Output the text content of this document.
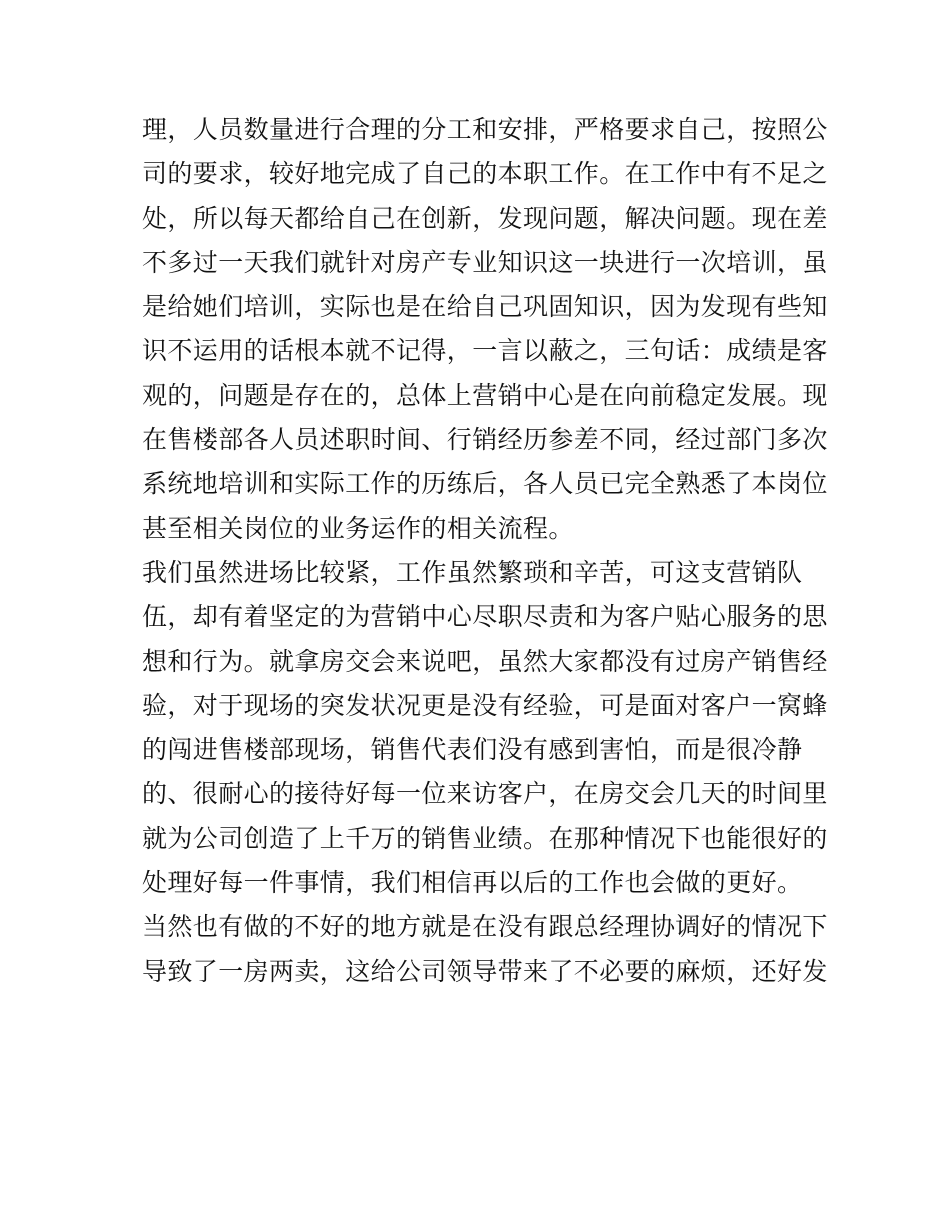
理，人员数量进行合理的分工和安排，严格要求自己，按照公
司的要求，较好地完成了自己的本职工作。在工作中有不足之
处，所以每天都给自己在创新，发现问题，解决问题。现在差
不多过一天我们就针对房产专业知识这一块进行一次培训，虽
是给她们培训，实际也是在给自己巩固知识，因为发现有些知
识不运用的话根本就不记得，一言以蔽之，三句话：成绩是客
观的，问题是存在的，总体上营销中心是在向前稳定发展。现
在售楼部各人员述职时间、行销经历参差不同，经过部门多次
系统地培训和实际工作的历练后，各人员已完全熟悉了本岗位
甚至相关岗位的业务运作的相关流程。
我们虽然进场比较紧，工作虽然繁琐和辛苦，可这支营销队
伍，却有着坚定的为营销中心尽职尽责和为客户贴心服务的思
想和行为。就拿房交会来说吧，虽然大家都没有过房产销售经
验，对于现场的突发状况更是没有经验，可是面对客户一窝蜂
的闯进售楼部现场，销售代表们没有感到害怕，而是很冷静
的、很耐心的接待好每一位来访客户，在房交会几天的时间里
就为公司创造了上千万的销售业绩。在那种情况下也能很好的
处理好每一件事情，我们相信再以后的工作也会做的更好。
当然也有做的不好的地方就是在没有跟总经理协调好的情况下
导致了一房两卖，这给公司领导带来了不必要的麻烦，还好发
